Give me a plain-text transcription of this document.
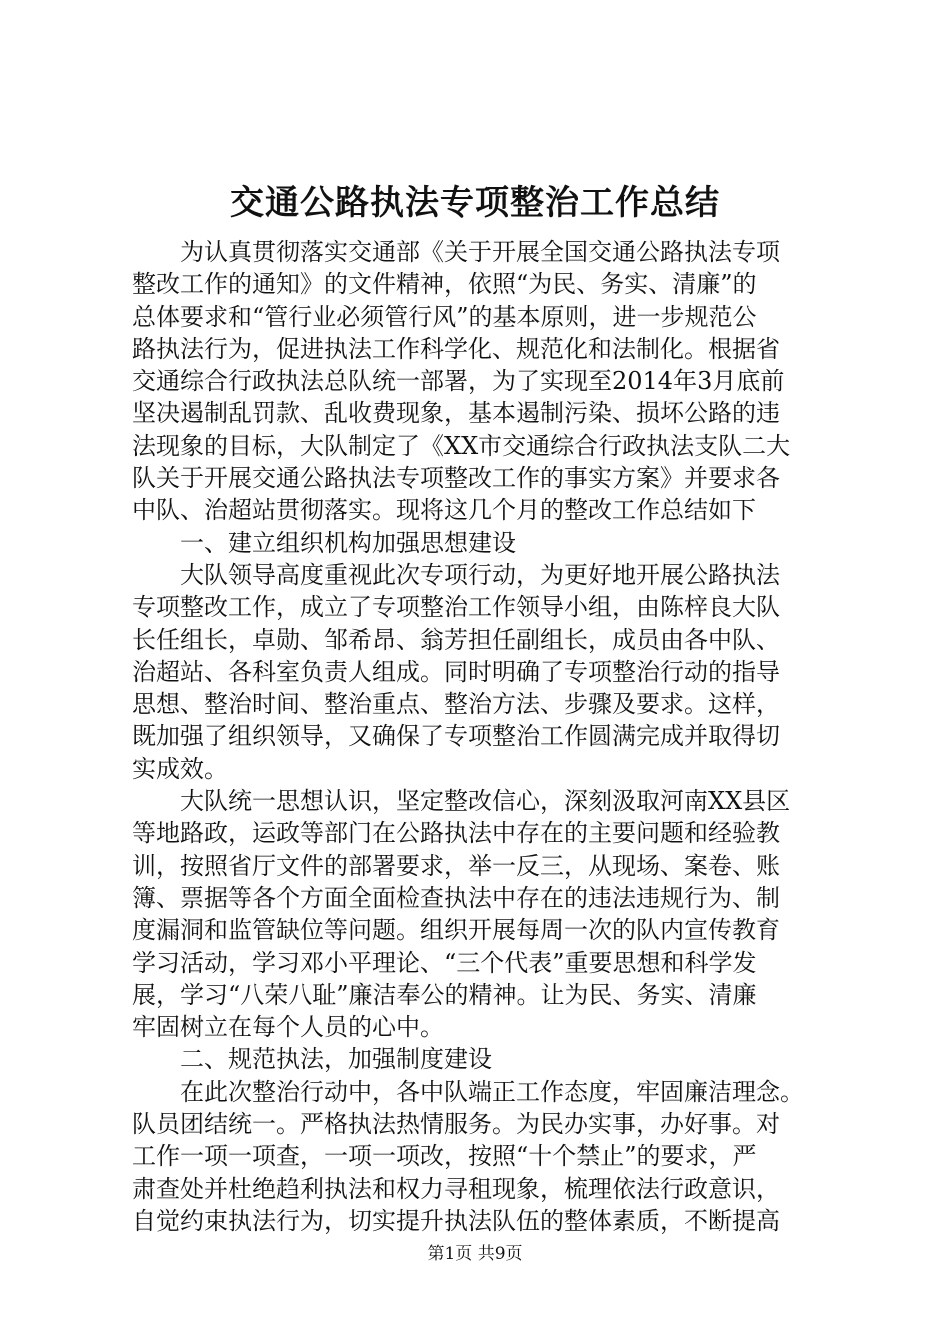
交通公路执法专项整治工作总结
为认真贯彻落实交通部《关于开展全国交通公路执法专项
整改工作的通知》的文件精神，依照“为民、务实、清廉”的
总体要求和“管行业必须管行风”的基本原则，进一步规范公
路执法行为，促进执法工作科学化、规范化和法制化。根据省
交通综合行政执法总队统一部署，为了实现至2014年3月底前
坚决遏制乱罚款、乱收费现象，基本遏制污染、损坏公路的违
法现象的目标，大队制定了《XX市交通综合行政执法支队二大
队关于开展交通公路执法专项整改工作的事实方案》并要求各
中队、治超站贯彻落实。现将这几个月的整改工作总结如下
一、建立组织机构加强思想建设
大队领导高度重视此次专项行动，为更好地开展公路执法
专项整改工作，成立了专项整治工作领导小组，由陈梓良大队
长任组长，卓勋、邹希昂、翁芳担任副组长，成员由各中队、
治超站、各科室负责人组成。同时明确了专项整治行动的指导
思想、整治时间、整治重点、整治方法、步骤及要求。这样，
既加强了组织领导，又确保了专项整治工作圆满完成并取得切
实成效。
大队统一思想认识，坚定整改信心，深刻汲取河南XX县区
等地路政，运政等部门在公路执法中存在的主要问题和经验教
训，按照省厅文件的部署要求，举一反三，从现场、案卷、账
簿、票据等各个方面全面检查执法中存在的违法违规行为、制
度漏洞和监管缺位等问题。组织开展每周一次的队内宣传教育
学习活动，学习邓小平理论、“三个代表”重要思想和科学发
展，学习“八荣八耻”廉洁奉公的精神。让为民、务实、清廉
牢固树立在每个人员的心中。
二、规范执法，加强制度建设
在此次整治行动中，各中队端正工作态度，牢固廉洁理念。
队员团结统一。严格执法热情服务。为民办实事，办好事。对
工作一项一项查，一项一项改，按照“十个禁止”的要求，严
肃查处并杜绝趋利执法和权力寻租现象，梳理依法行政意识，
自觉约束执法行为，切实提升执法队伍的整体素质，不断提高
第1页 共9页
